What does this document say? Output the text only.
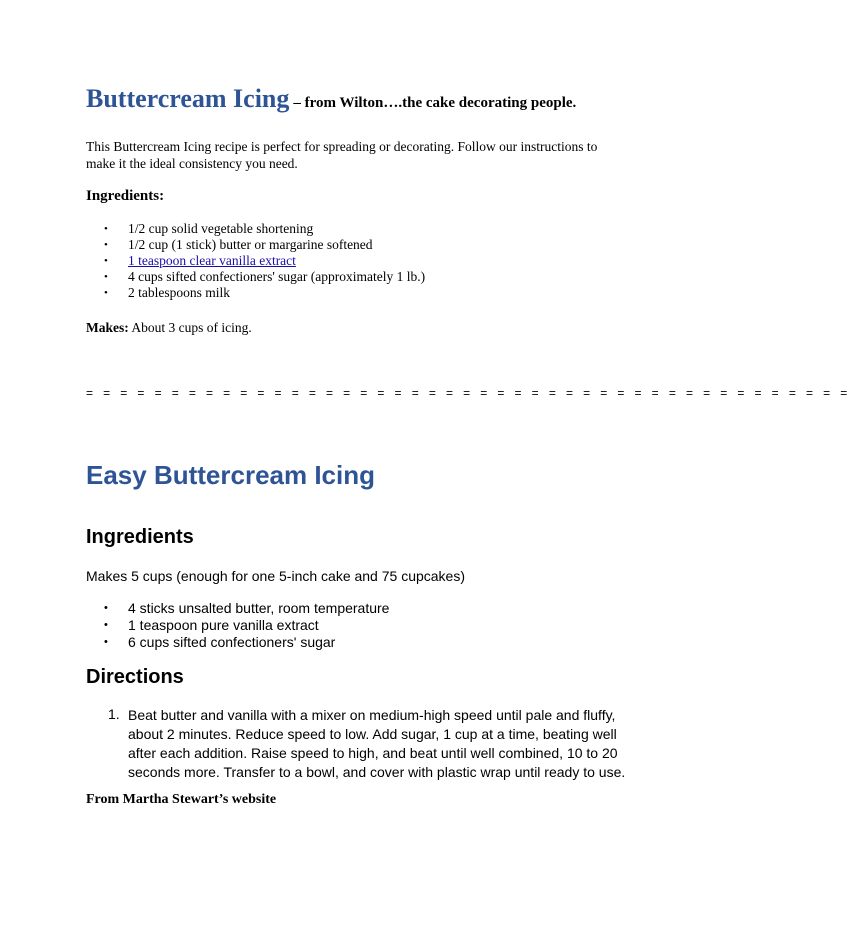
Buttercream Icing – from Wilton….the cake decorating people.
This Buttercream Icing recipe is perfect for spreading or decorating. Follow our instructions to
make it the ideal consistency you need.
Ingredients:
• 1/2 cup solid vegetable shortening
• 1/2 cup (1 stick) butter or margarine softened
• 1 teaspoon clear vanilla extract
• 4 cups sifted confectioners' sugar (approximately 1 lb.)
• 2 tablespoons milk
Makes: About 3 cups of icing.
= = = = = = = = = = = = = = = = = = = = = = = = = = = = = = = = = = = = = = = = = = = = =
Easy Buttercream Icing
Ingredients
Makes 5 cups (enough for one 5-inch cake and 75 cupcakes)
• 4 sticks unsalted butter, room temperature
• 1 teaspoon pure vanilla extract
• 6 cups sifted confectioners' sugar
Directions
1. Beat butter and vanilla with a mixer on medium-high speed until pale and fluffy,
about 2 minutes. Reduce speed to low. Add sugar, 1 cup at a time, beating well
after each addition. Raise speed to high, and beat until well combined, 10 to 20
seconds more. Transfer to a bowl, and cover with plastic wrap until ready to use.
From Martha Stewart’s website
